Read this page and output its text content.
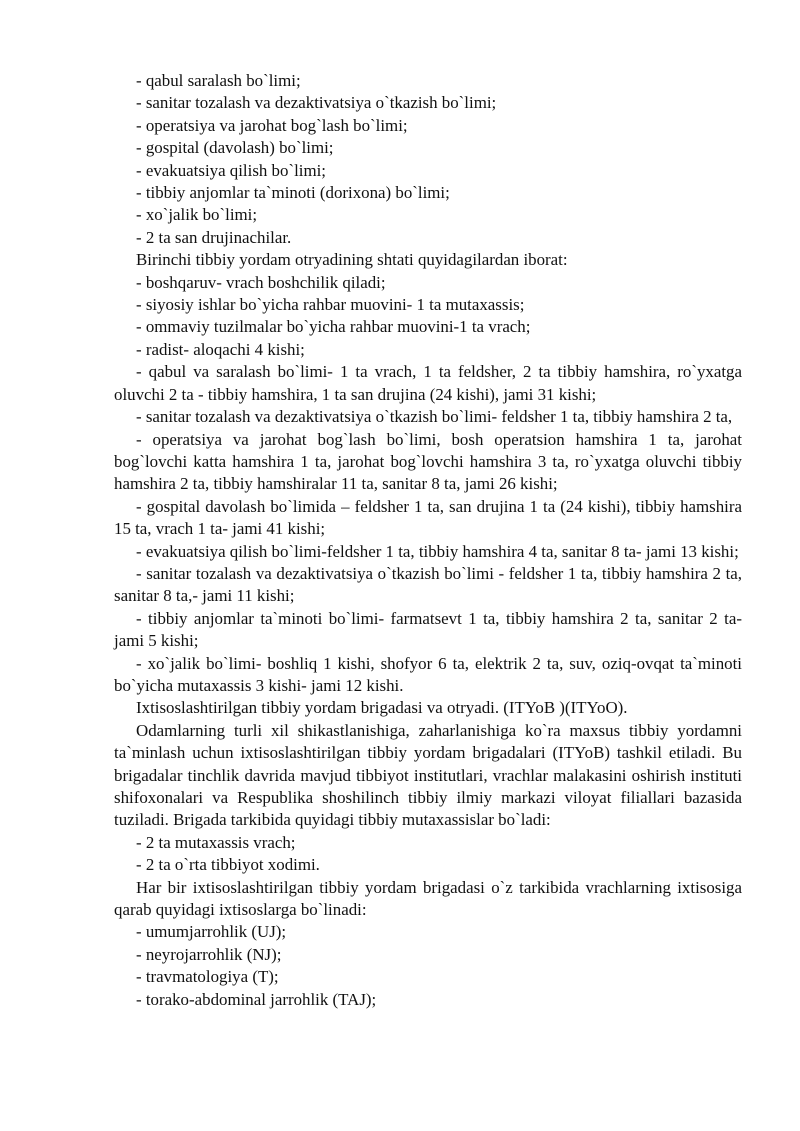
- qabul saralash bo`limi;

- sanitar tozalash va dezaktivatsiya o`tkazish bo`limi;

- operatsiya va jarohat bog`lash bo`limi;

- gospital (davolash) bo`limi;

- evakuatsiya qilish bo`limi;

- tibbiy anjomlar ta`minoti (dorixona) bo`limi;

- xo`jalik bo`limi;

- 2 ta san drujinachilar.

Birinchi tibbiy yordam otryadining shtati quyidagilardan iborat:

- boshqaruv- vrach boshchilik qiladi;

- siyosiy ishlar bo`yicha rahbar muovini- 1 ta mutaxassis;

- ommaviy tuzilmalar bo`yicha rahbar muovini-1 ta vrach;

- radist- aloqachi 4 kishi;

- qabul va saralash bo`limi- 1 ta vrach, 1 ta feldsher, 2 ta tibbiy hamshira, ro`yxatga oluvchi 2 ta - tibbiy hamshira, 1 ta san drujina (24 kishi), jami 31 kishi;

- sanitar tozalash va dezaktivatsiya o`tkazish bo`limi- feldsher 1 ta, tibbiy hamshira 2 ta,

- operatsiya va jarohat bog`lash bo`limi, bosh operatsion hamshira 1 ta, jarohat bog`lovchi katta hamshira 1 ta, jarohat bog`lovchi hamshira 3 ta, ro`yxatga oluvchi tibbiy hamshira 2 ta, tibbiy hamshiralar 11 ta, sanitar 8 ta, jami 26 kishi;

- gospital davolash bo`limida – feldsher 1 ta, san drujina 1 ta (24 kishi), tibbiy hamshira 15 ta, vrach 1 ta- jami 41 kishi;

- evakuatsiya qilish bo`limi-feldsher 1 ta, tibbiy hamshira 4 ta, sanitar 8 ta- jami 13 kishi;

- sanitar tozalash va dezaktivatsiya o`tkazish bo`limi - feldsher 1 ta, tibbiy hamshira 2 ta, sanitar 8 ta,- jami 11 kishi;

- tibbiy anjomlar ta`minoti bo`limi- farmatsevt 1 ta, tibbiy hamshira 2 ta, sanitar 2 ta- jami 5 kishi;

- xo`jalik bo`limi- boshliq 1 kishi, shofyor 6 ta, elektrik 2 ta, suv, oziq-ovqat ta`minoti bo`yicha mutaxassis 3 kishi- jami 12 kishi.

Ixtisoslashtirilgan tibbiy yordam brigadasi va otryadi. (ITYoB )(ITYoO).

Odamlarning turli xil shikastlanishiga, zaharlanishiga ko`ra maxsus tibbiy yordamni ta`minlash uchun ixtisoslashtirilgan tibbiy yordam brigadalari (ITYoB) tashkil etiladi. Bu brigadalar tinchlik davrida mavjud tibbiyot institutlari, vrachlar malakasini oshirish instituti shifoxonalari va Respublika shoshilinch tibbiy ilmiy markazi viloyat filiallari bazasida tuziladi. Brigada tarkibida quyidagi tibbiy mutaxassislar bo`ladi:

- 2 ta mutaxassis vrach;

- 2 ta o`rta tibbiyot xodimi.

Har bir ixtisoslashtirilgan tibbiy yordam brigadasi o`z tarkibida vrachlarning ixtisosiga qarab quyidagi ixtisoslarga bo`linadi:

- umumjarrohlik (UJ);

- neyrojarrohlik (NJ);

- travmatologiya (T);

- torako-abdominal jarrohlik (TAJ);
